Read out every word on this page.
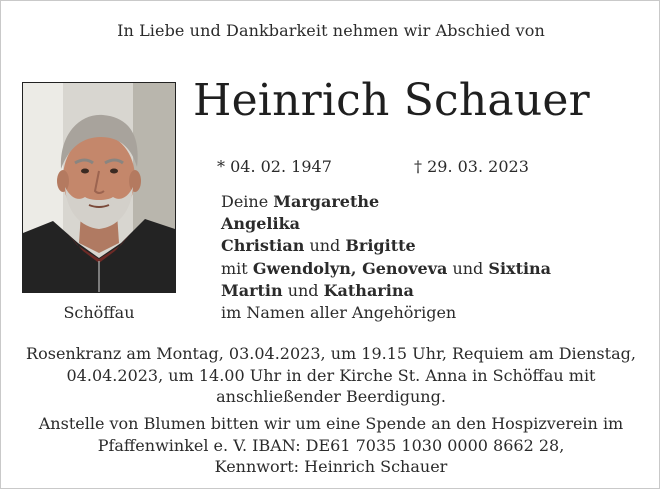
In Liebe und Dankbarkeit nehmen wir Abschied von
Schöffau
Heinrich Schauer
* 04. 02. 1947	† 29. 03. 2023
Deine Margarethe
Angelika
Christian und Brigitte
mit Gwendolyn, Genoveva und Sixtina
Martin und Katharina
im Namen aller Angehörigen
Rosenkranz am Montag, 03.04.2023, um 19.15 Uhr, Requiem am Dienstag,
04.04.2023, um 14.00 Uhr in der Kirche St. Anna in Schöffau mit
anschließender Beerdigung.
Anstelle von Blumen bitten wir um eine Spende an den Hospizverein im
Pfaffenwinkel e. V. IBAN: DE61 7035 1030 0000 8662 28,
Kennwort: Heinrich Schauer
